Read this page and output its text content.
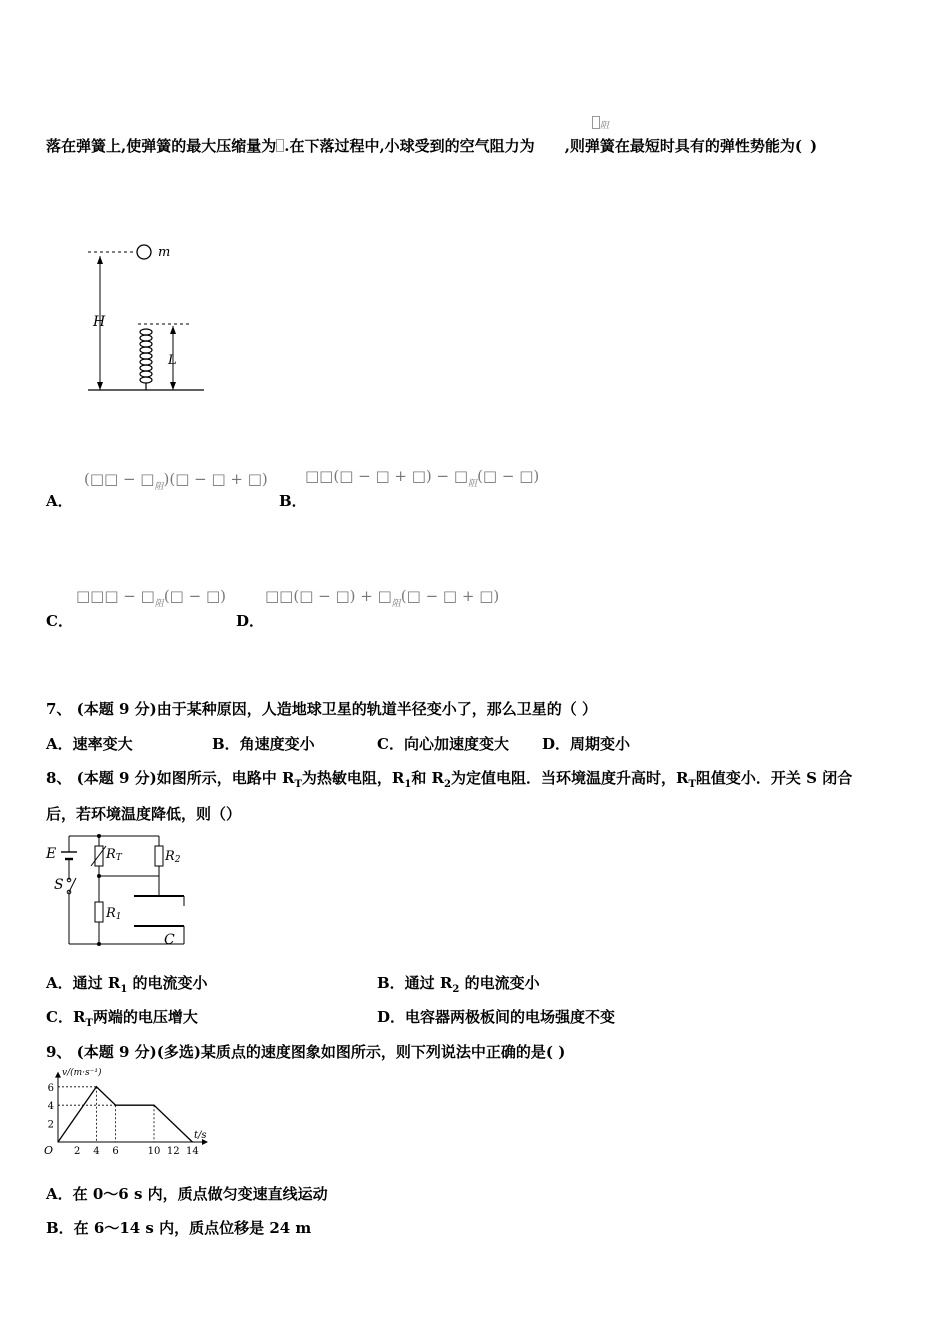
落在弹簧上,使弹簧的最大压缩量为 .在下落过程中,小球受到的空气阻力为 ,则弹簧在最短时具有的弹性势能为( )
阻
m
H
L
A．
(□□ − $□_阻)(□$ − □ + □)
B．
□□(□ − □ + □) − $□_阻(□$ − □)
C．
□□□ − $□_阻(□$ − □)
D．
□□(□ − □) + $□_阻(□$ − □ + □)
7、 (本题 9 分)由于某种原因，人造地球卫星的轨道半径变小了，那么卫星的（ ）
A．速率变大	B．角速度变小	C．向心加速度变大 D．周期变小
8、 (本题 9 分)如图所示，电路中 $R_T$为热敏电阻，$R_1$和 $R_2$为定值电阻．当环境温度升高时，$R_T$阻值变小．开关 S 闭合
后，若环境温度降低，则（）
E
S
RT
R1
R2
C
A．通过 $R_1$ 的电流变小	B．通过 $R_2$ 的电流变小
C．$R_T$两端的电压增大	D．电容器两极板间的电场强度不变
9、 (本题 9 分)(多选)某质点的速度图象如图所示，则下列说法中正确的是( )
2 4 6	10 12 14
2
4
6
O
v/(m·s⁻¹)
t/s
A．在 0～6 s 内，质点做匀变速直线运动
B．在 6～14 s 内，质点位移是 24 m
